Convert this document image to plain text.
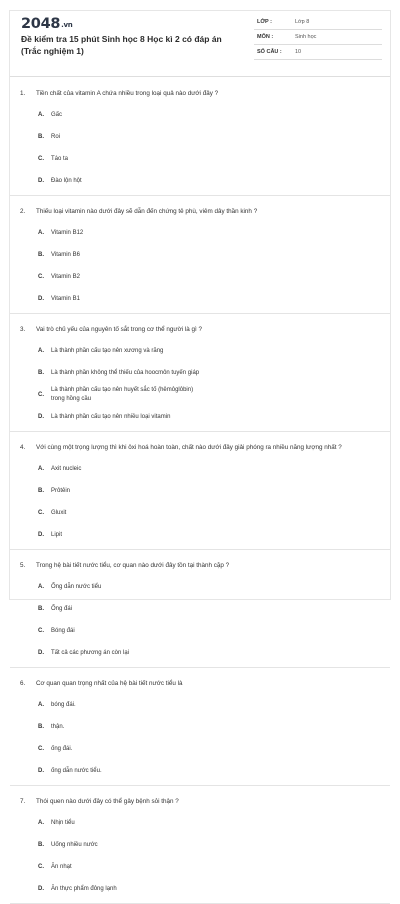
2048.vn
Đề kiểm tra 15 phút Sinh học 8 Học kì 2 có đáp án (Trắc nghiệm 1)
LỚP :	Lớp 8
MÔN :	Sinh học
SỐ CÂU : 10
1.	Tiền chất của vitamin A chứa nhiều trong loại quả nào dưới đây ?
A.	Gấc
B.	Roi
C.	Táo ta
D.	Đào lộn hột
2.	Thiếu loại vitamin nào dưới đây sẽ dẫn đến chứng tê phù, viêm dây thần kinh ?
A.	Vitamin B12
B.	Vitamin B6
C.	Vitamin B2
D.	Vitamin B1
3.	Vai trò chủ yếu của nguyên tố sắt trong cơ thể người là gì ?
A.	Là thành phần cấu tạo nên xương và răng
B.	Là thành phần không thể thiếu của hoocmôn tuyến giáp
C.
Là thành phần cấu tạo nên huyết sắc tố (hêmôglôbin) trong hồng cầu
D.	Là thành phần cấu tạo nên nhiều loại vitamin
4.	Với cùng một trọng lượng thì khi ôxi hoá hoàn toàn, chất nào dưới đây giải phóng ra nhiều năng lượng nhất ?
A.	Axit nucleic
B.	Prôtêin
C.	Gluxit
D.	Lipit
5.	Trong hệ bài tiết nước tiểu, cơ quan nào dưới đây tồn tại thành cặp ?
A.	Ống dẫn nước tiểu
B.	Ống đái
C.	Bóng đái
D.	Tất cả các phương án còn lại
6.	Cơ quan quan trọng nhất của hệ bài tiết nước tiểu là
A.	bóng đái.
B.	thận.
C.	ống đái.
D.	ống dẫn nước tiểu.
7.	Thói quen nào dưới đây có thể gây bệnh sỏi thận ?
A.	Nhịn tiểu
B.	Uống nhiều nước
C.	Ăn nhạt
D.	Ăn thực phẩm đông lạnh
